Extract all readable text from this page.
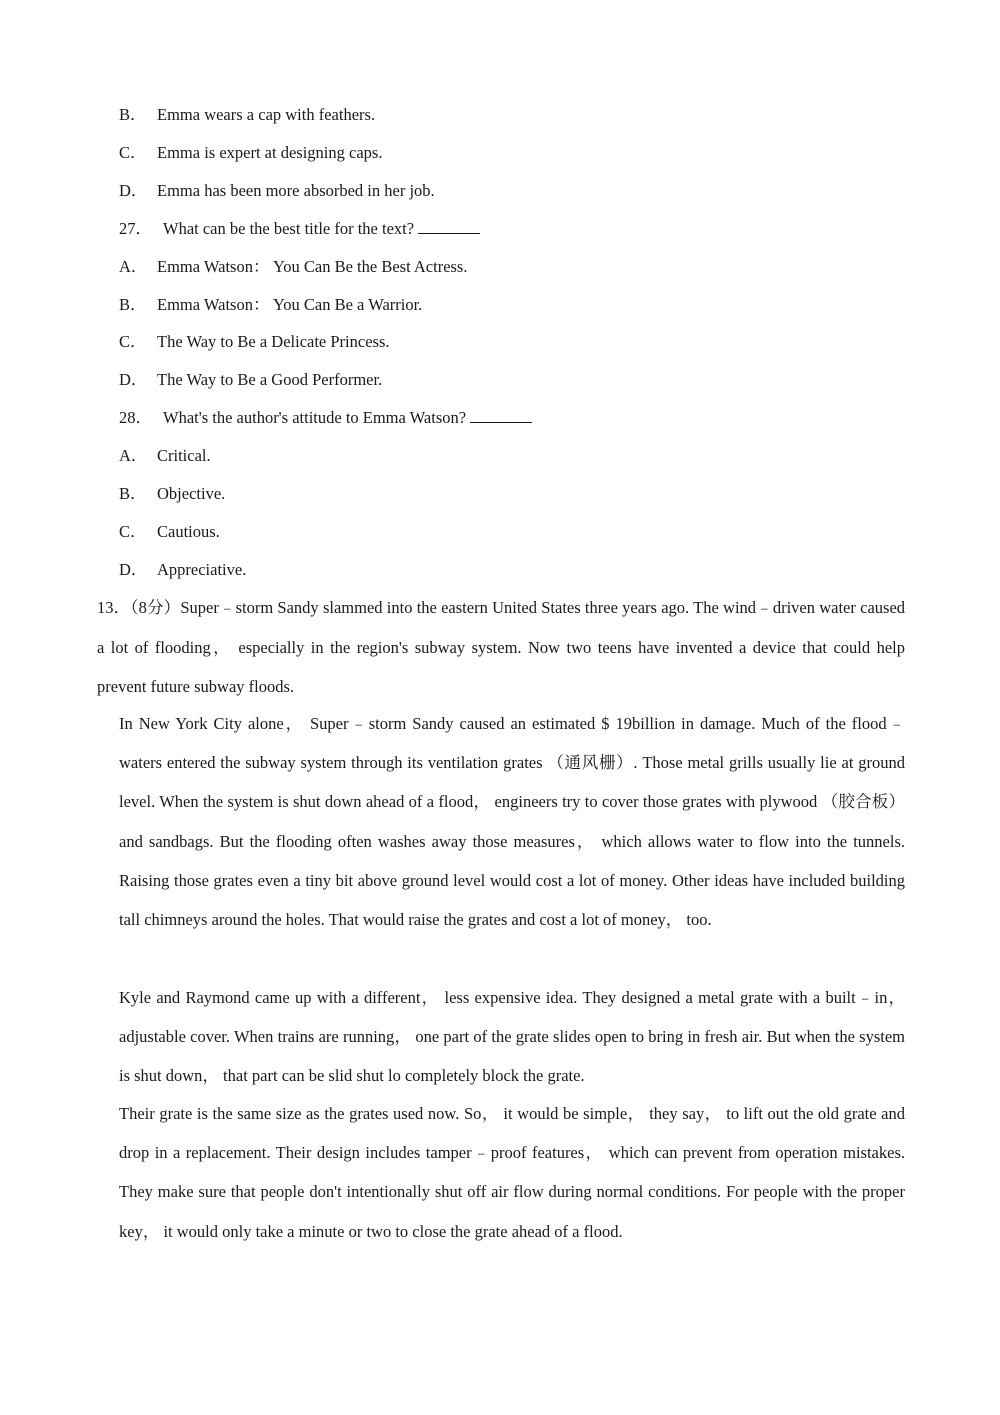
B． Emma wears a cap with feathers.
C． Emma is expert at designing caps.
D． Emma has been more absorbed in her job.
27． What can be the best title for the text?
A． Emma Watson： You Can Be the Best Actress.
B． Emma Watson： You Can Be a Warrior.
C． The Way to Be a Delicate Princess.
D． The Way to Be a Good Performer.
28． What's the author's attitude to Emma Watson?
A． Critical.
B． Objective.
C． Cautious.
D． Appreciative.

13．（8分）Super﹣storm Sandy slammed into the eastern United States three years ago. The wind﹣driven water caused a lot of flooding， especially in the region's subway system. Now two teens have invented a device that could help prevent future subway floods.

In New York City alone， Super﹣storm Sandy caused an estimated $ 19billion in damage. Much of the flood﹣waters entered the subway system through its ventilation grates （通风栅）. Those metal grills usually lie at ground level. When the system is shut down ahead of a flood， engineers try to cover those grates with plywood （胶合板） and sandbags. But the flooding often washes away those measures， which allows water to flow into the tunnels. Raising those grates even a tiny bit above ground level would cost a lot of money. Other ideas have included building tall chimneys around the holes. That would raise the grates and cost a lot of money， too.

Kyle and Raymond came up with a different， less expensive idea. They designed a metal grate with a built﹣in， adjustable cover. When trains are running， one part of the grate slides open to bring in fresh air. But when the system is shut down， that part can be slid shut lo completely block the grate.

Their grate is the same size as the grates used now. So， it would be simple， they say， to lift out the old grate and drop in a replacement. Their design includes tamper﹣proof features， which can prevent from operation mistakes. They make sure that people don't intentionally shut off air flow during normal conditions. For people with the proper key， it would only take a minute or two to close the grate ahead of a flood.
